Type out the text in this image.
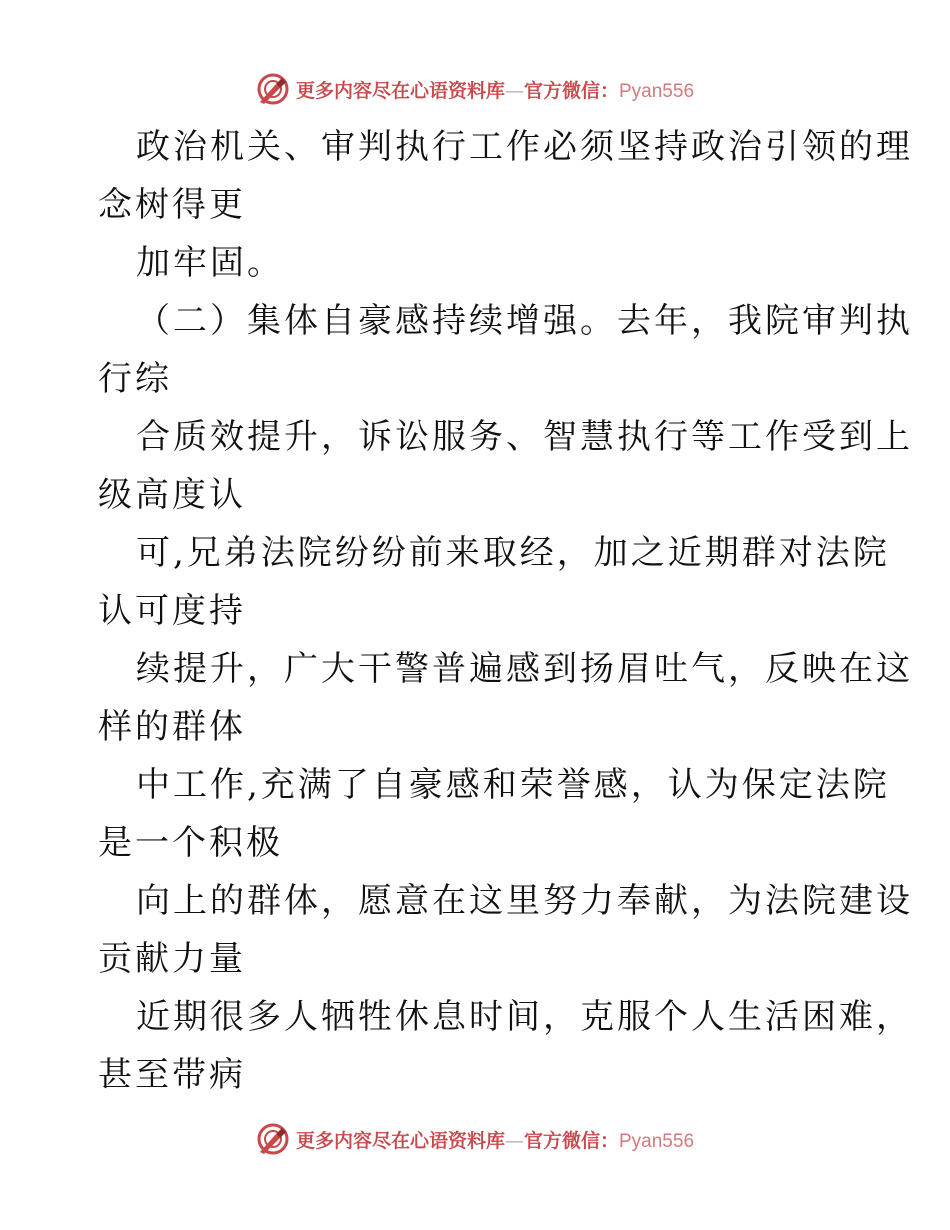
更多内容尽在心语资料库—官方微信：Pyan556
政治机关、审判执行工作必须坚持政治引领的理
念树得更
加牢固。
（二）集体自豪感持续增强。去年，我院审判执
行综
合质效提升，诉讼服务、智慧执行等工作受到上
级高度认
可,兄弟法院纷纷前来取经，加之近期群对法院
认可度持
续提升，广大干警普遍感到扬眉吐气，反映在这
样的群体
中工作,充满了自豪感和荣誉感，认为保定法院
是一个积极
向上的群体，愿意在这里努力奉献，为法院建设
贡献力量
近期很多人牺牲休息时间，克服个人生活困难，
甚至带病
更多内容尽在心语资料库—官方微信：Pyan556
